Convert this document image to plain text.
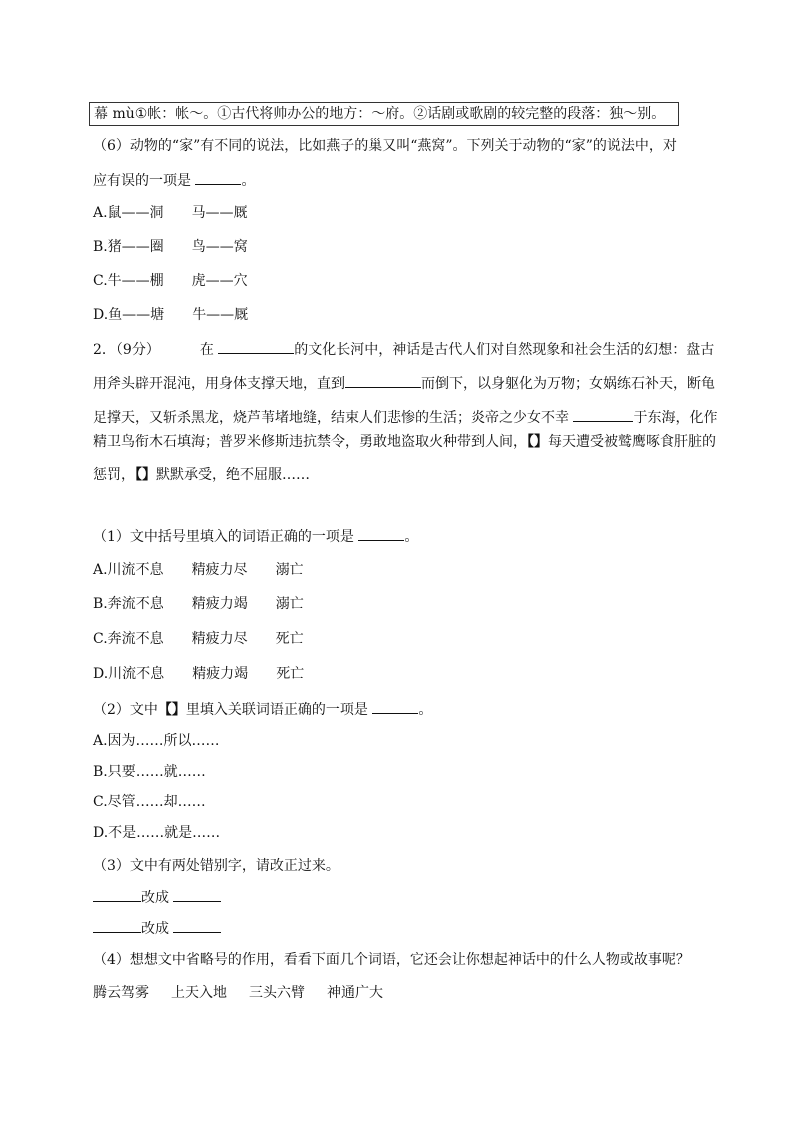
幕 mù①帐：帐～。①古代将帅办公的地方：～府。②话剧或歌剧的较完整的段落：独～别。
（6）动物的“家”有不同的说法，比如燕子的巢又叫“燕窝”。下列关于动物的“家”的说法中，对
应有误的一项是	。
A.鼠——洞 马——厩
B.猪——圈 鸟——窝
C.牛——棚 虎——穴
D.鱼——塘 牛——厩
2．（9分）	在	的文化长河中，神话是古代人们对自然现象和社会生活的幻想：盘古
用斧头辟开混沌，用身体支撑天地，直到	而倒下，以身躯化为万物；女娲练石补天，断龟
足撑天，又斩杀黑龙，烧芦苇堵地缝，结束人们悲惨的生活；炎帝之少女不幸	于东海，化作
精卫鸟衔木石填海；普罗米修斯违抗禁令，勇敢地盗取火种带到人间，【】每天遭受被鹫鹰啄食肝脏的
惩罚，【】默默承受，绝不屈服……
（1）文中括号里填入的词语正确的一项是	。
A.川流不息 精疲力尽 溺亡
B.奔流不息 精疲力竭 溺亡
C.奔流不息 精疲力尽 死亡
D.川流不息 精疲力竭 死亡
（2）文中【】里填入关联词语正确的一项是	。
A.因为……所以……
B.只要……就……
C.尽管……却……
D.不是……就是……
（3）文中有两处错别字，请改正过来。
改成
改成
（4）想想文中省略号的作用，看看下面几个词语，它还会让你想起神话中的什么人物或故事呢？
腾云驾雾 上天入地 三头六臂 神通广大
